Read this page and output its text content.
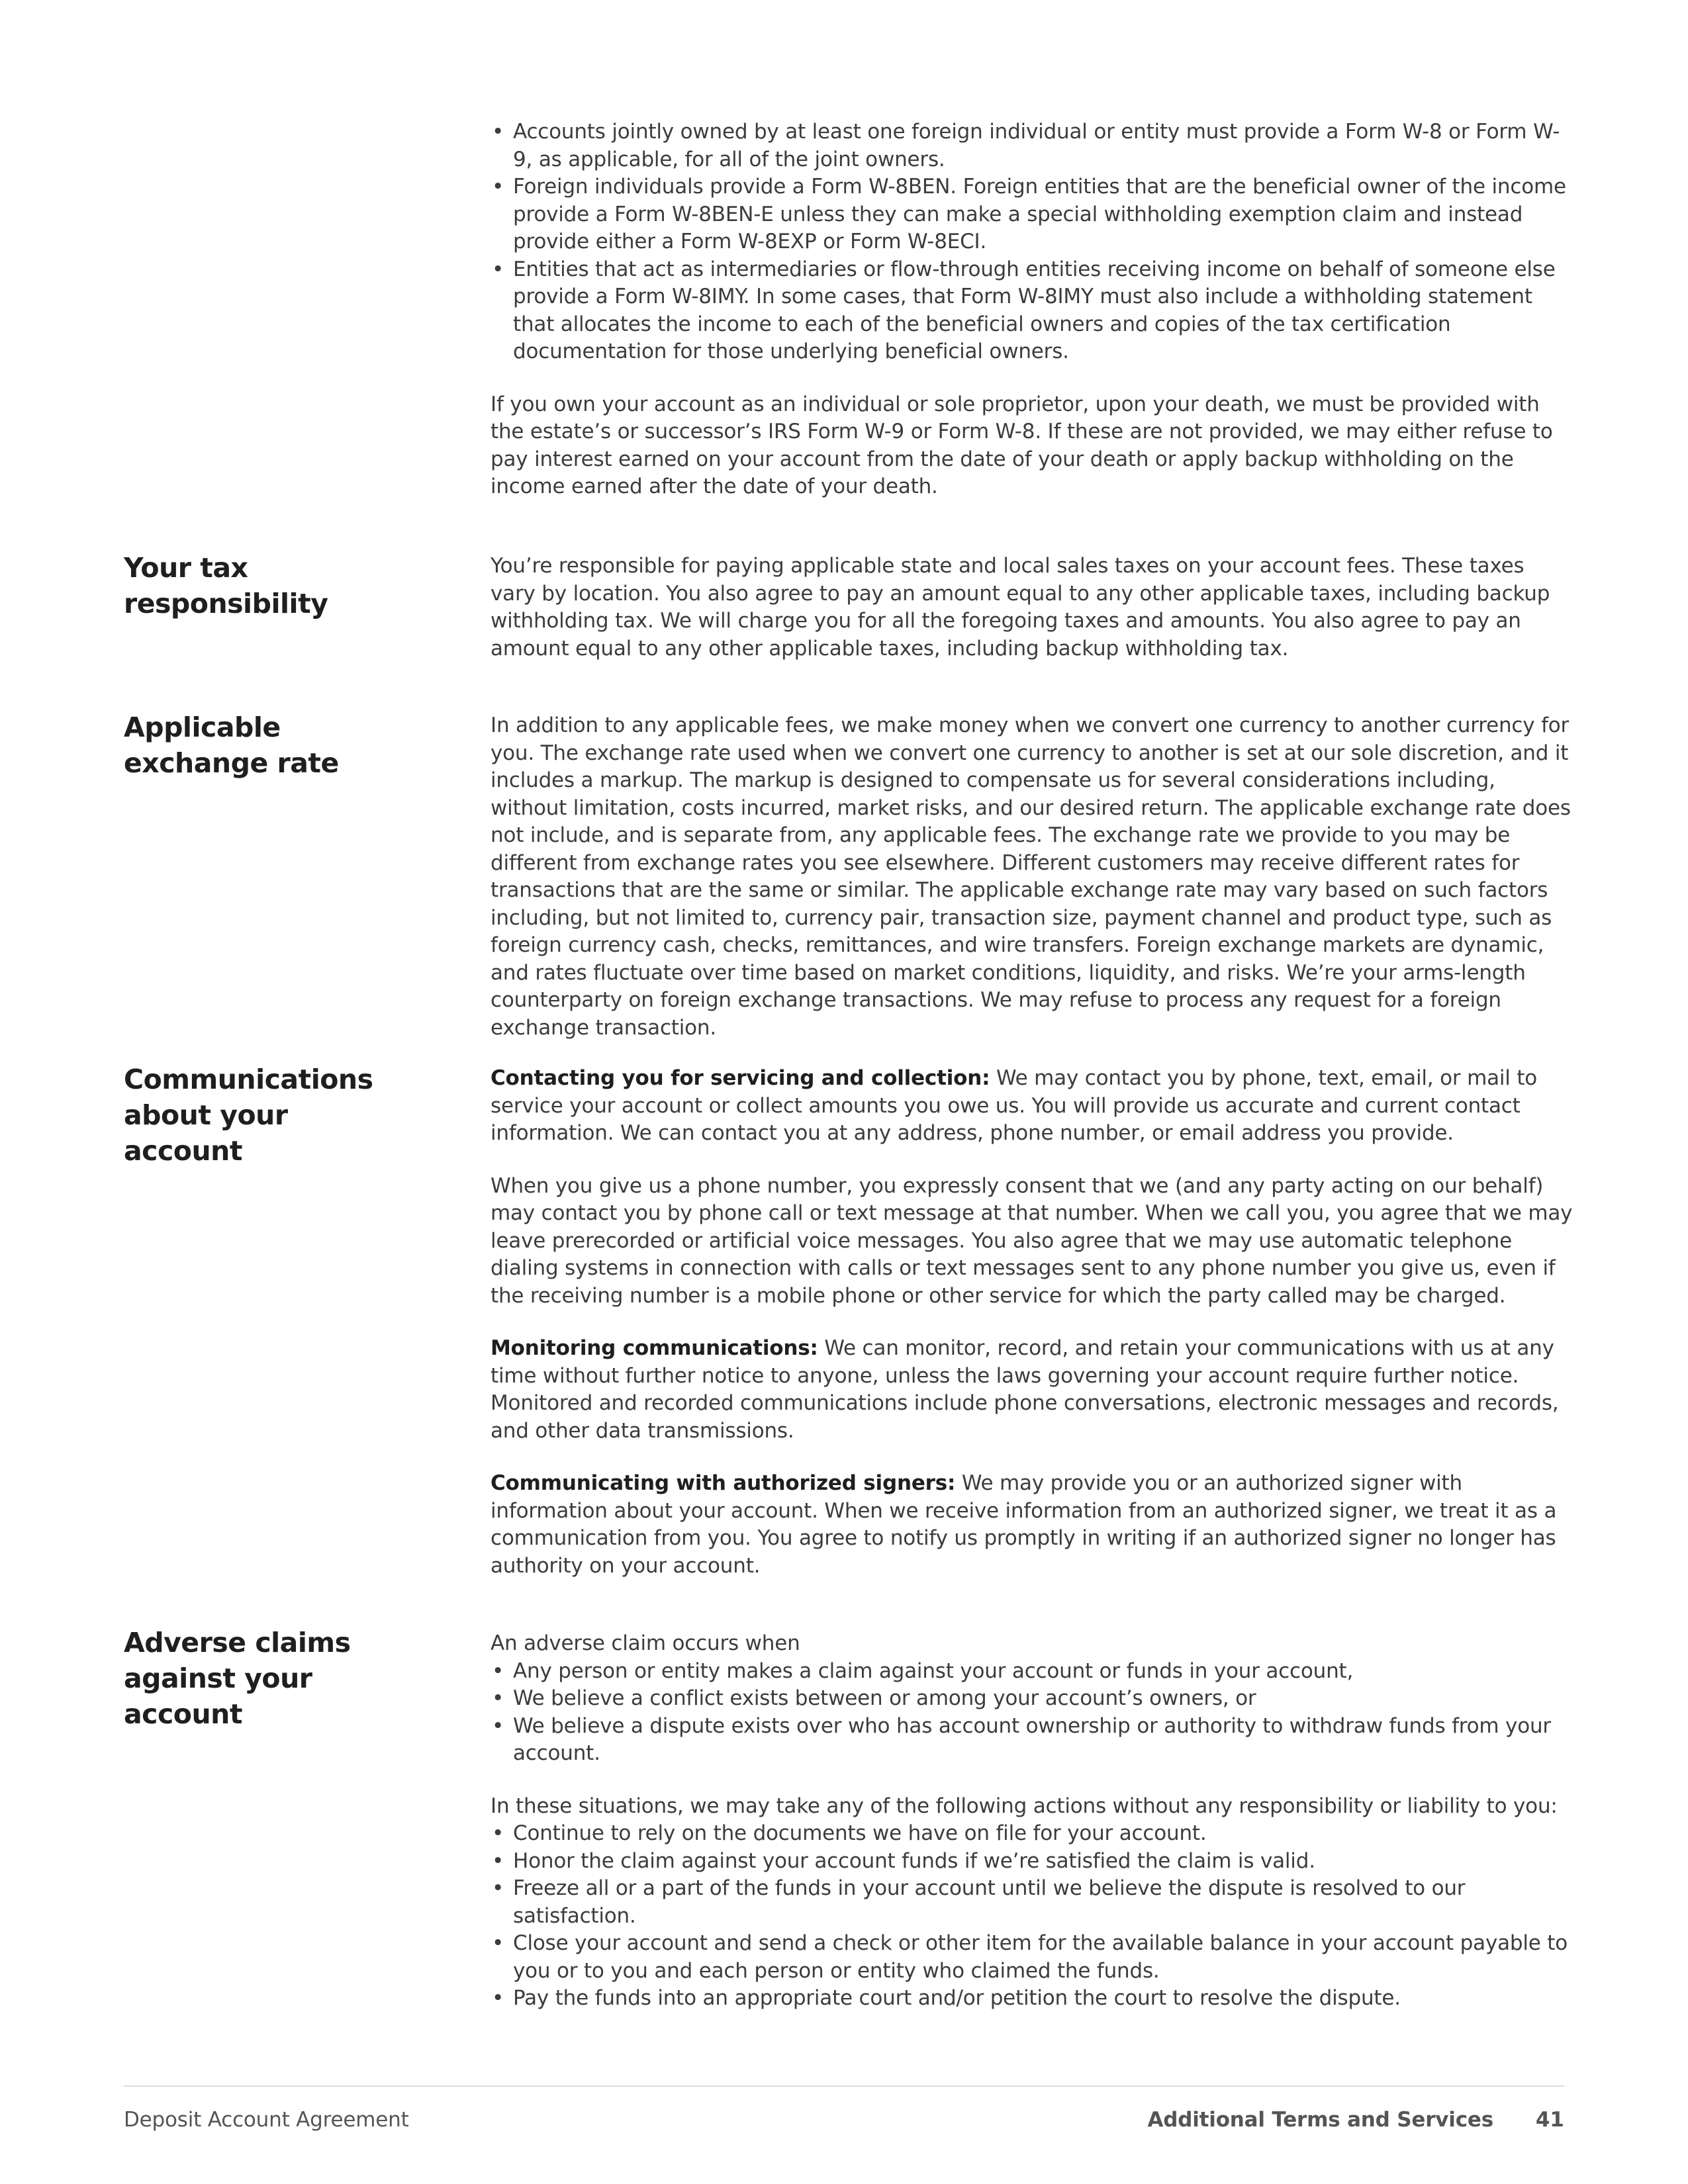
• Accounts jointly owned by at least one foreign individual or entity must provide a Form W-8 or Form W-9, as applicable, for all of the joint owners.
• Foreign individuals provide a Form W-8BEN. Foreign entities that are the beneficial owner of the income provide a Form W-8BEN-E unless they can make a special withholding exemption claim and instead provide either a Form W-8EXP or Form W-8ECI.
• Entities that act as intermediaries or flow-through entities receiving income on behalf of someone else provide a Form W-8IMY. In some cases, that Form W-8IMY must also include a withholding statement that allocates the income to each of the beneficial owners and copies of the tax certification documentation for those underlying beneficial owners.

If you own your account as an individual or sole proprietor, upon your death, we must be provided with the estate’s or successor’s IRS Form W-9 or Form W-8. If these are not provided, we may either refuse to pay interest earned on your account from the date of your death or apply backup withholding on the income earned after the date of your death.

Your tax responsibility

You’re responsible for paying applicable state and local sales taxes on your account fees. These taxes vary by location. You also agree to pay an amount equal to any other applicable taxes, including backup withholding tax. We will charge you for all the foregoing taxes and amounts. You also agree to pay an amount equal to any other applicable taxes, including backup withholding tax.

Applicable exchange rate

In addition to any applicable fees, we make money when we convert one currency to another currency for you. The exchange rate used when we convert one currency to another is set at our sole discretion, and it includes a markup. The markup is designed to compensate us for several considerations including, without limitation, costs incurred, market risks, and our desired return. The applicable exchange rate does not include, and is separate from, any applicable fees. The exchange rate we provide to you may be different from exchange rates you see elsewhere. Different customers may receive different rates for transactions that are the same or similar. The applicable exchange rate may vary based on such factors including, but not limited to, currency pair, transaction size, payment channel and product type, such as foreign currency cash, checks, remittances, and wire transfers. Foreign exchange markets are dynamic, and rates fluctuate over time based on market conditions, liquidity, and risks. We’re your arms-length counterparty on foreign exchange transactions. We may refuse to process any request for a foreign exchange transaction.

Communications about your account

Contacting you for servicing and collection: We may contact you by phone, text, email, or mail to service your account or collect amounts you owe us. You will provide us accurate and current contact information. We can contact you at any address, phone number, or email address you provide.

When you give us a phone number, you expressly consent that we (and any party acting on our behalf) may contact you by phone call or text message at that number. When we call you, you agree that we may leave prerecorded or artificial voice messages. You also agree that we may use automatic telephone dialing systems in connection with calls or text messages sent to any phone number you give us, even if the receiving number is a mobile phone or other service for which the party called may be charged.

Monitoring communications: We can monitor, record, and retain your communications with us at any time without further notice to anyone, unless the laws governing your account require further notice. Monitored and recorded communications include phone conversations, electronic messages and records, and other data transmissions.

Communicating with authorized signers: We may provide you or an authorized signer with information about your account. When we receive information from an authorized signer, we treat it as a communication from you. You agree to notify us promptly in writing if an authorized signer no longer has authority on your account.

Adverse claims against your account

An adverse claim occurs when

• Any person or entity makes a claim against your account or funds in your account,
• We believe a conflict exists between or among your account’s owners, or
• We believe a dispute exists over who has account ownership or authority to withdraw funds from your account.

In these situations, we may take any of the following actions without any responsibility or liability to you:

• Continue to rely on the documents we have on file for your account.
• Honor the claim against your account funds if we’re satisfied the claim is valid.
• Freeze all or a part of the funds in your account until we believe the dispute is resolved to our satisfaction.
• Close your account and send a check or other item for the available balance in your account payable to you or to you and each person or entity who claimed the funds.
• Pay the funds into an appropriate court and/or petition the court to resolve the dispute.
Deposit Account Agreement	Additional Terms and Services 41
